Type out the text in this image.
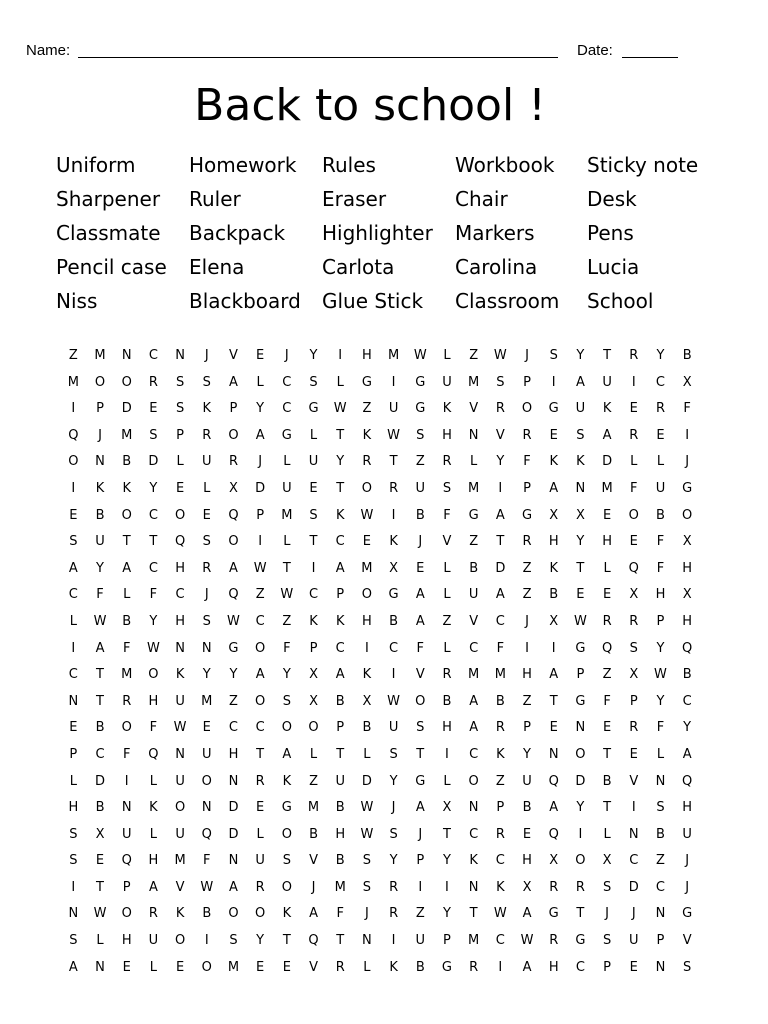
Name:	Date:
Back to school !
Uniform	Homework	Rules	Workbook	Sticky note
Sharpener	Ruler	Eraser	Chair	Desk
Classmate	Backpack	Highlighter	Markers	Pens
Pencil case	Elena	Carlota	Carolina	Lucia
Niss	Blackboard	Glue Stick	Classroom	School
Z	M	N	C	N	J	V	E	J	Y	I	H	M	W	L	Z	W	J	S	Y	T	R	Y	B
M	O	O	R	S	S	A	L	C	S	L	G	I	G	U	M	S	P	I	A	U	I	C	X
I	P	D	E	S	K	P	Y	C	G	W	Z	U	G	K	V	R	O	G	U	K	E	R	F
Q	J	M	S	P	R	O	A	G	L	T	K	W	S	H	N	V	R	E	S	A	R	E	I
O	N	B	D	L	U	R	J	L	U	Y	R	T	Z	R	L	Y	F	K	K	D	L	L	J
I	K	K	Y	E	L	X	D	U	E	T	O	R	U	S	M	I	P	A	N	M	F	U	G
E	B	O	C	O	E	Q	P	M	S	K	W	I	B	F	G	A	G	X	X	E	O	B	O
S	U	T	T	Q	S	O	I	L	T	C	E	K	J	V	Z	T	R	H	Y	H	E	F	X
A	Y	A	C	H	R	A	W	T	I	A	M	X	E	L	B	D	Z	K	T	L	Q	F	H
C	F	L	F	C	J	Q	Z	W	C	P	O	G	A	L	U	A	Z	B	E	E	X	H	X
L	W	B	Y	H	S	W	C	Z	K	K	H	B	A	Z	V	C	J	X	W	R	R	P	H
I	A	F	W	N	N	G	O	F	P	C	I	C	F	L	C	F	I	I	G	Q	S	Y	Q
C	T	M	O	K	Y	Y	A	Y	X	A	K	I	V	R	M	M	H	A	P	Z	X	W	B
N	T	R	H	U	M	Z	O	S	X	B	X	W	O	B	A	B	Z	T	G	F	P	Y	C
E	B	O	F	W	E	C	C	O	O	P	B	U	S	H	A	R	P	E	N	E	R	F	Y
P	C	F	Q	N	U	H	T	A	L	T	L	S	T	I	C	K	Y	N	O	T	E	L	A
L	D	I	L	U	O	N	R	K	Z	U	D	Y	G	L	O	Z	U	Q	D	B	V	N	Q
H	B	N	K	O	N	D	E	G	M	B	W	J	A	X	N	P	B	A	Y	T	I	S	H
S	X	U	L	U	Q	D	L	O	B	H	W	S	J	T	C	R	E	Q	I	L	N	B	U
S	E	Q	H	M	F	N	U	S	V	B	S	Y	P	Y	K	C	H	X	O	X	C	Z	J
I	T	P	A	V	W	A	R	O	J	M	S	R	I	I	N	K	X	R	R	S	D	C	J
N	W	O	R	K	B	O	O	K	A	F	J	R	Z	Y	T	W	A	G	T	J	J	N	G
S	L	H	U	O	I	S	Y	T	Q	T	N	I	U	P	M	C	W	R	G	S	U	P	V
A	N	E	L	E	O	M	E	E	V	R	L	K	B	G	R	I	A	H	C	P	E	N	S
